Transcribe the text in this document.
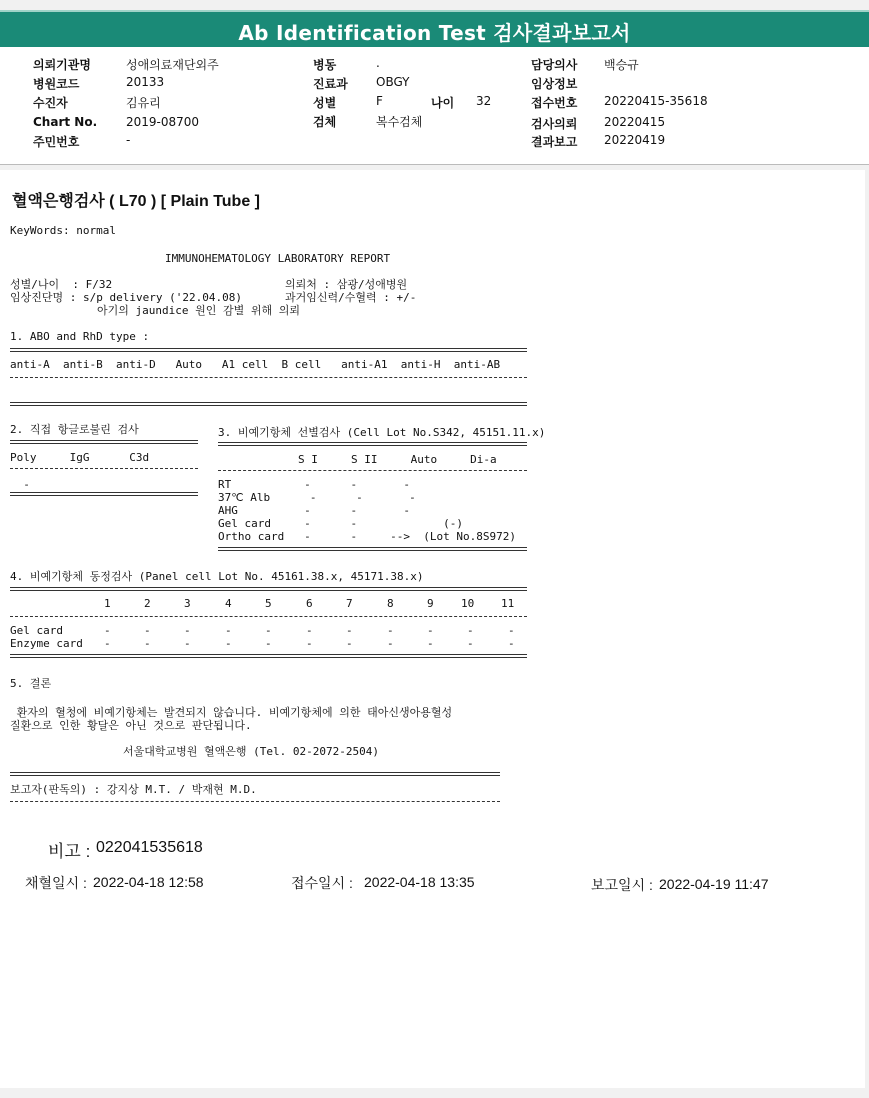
Ab Identification Test 검사결과보고서
의뢰기관명	성애의료재단외주
병원코드	20133
수진자	김유리
Chart No. 2019-08700
주민번호	-
병동	.
진료과 OBGY
성별	F	나이 32
검체	복수검체
담당의사 백승규
임상정보
접수번호 20220415-35618
검사의뢰 20220415
결과보고 20220419
혈액은행검사 ( L70 ) [ Plain Tube ]
KeyWords: normal
IMMUNOHEMATOLOGY LABORATORY REPORT
성별/나이  : F/32	의뢰처 : 삼광/성애병원
임상진단명 : s/p delivery ('22.04.08)	과거임신력/수혈력 : +/-
아기의 jaundice 원인 감별 위해 의뢰
1. ABO and RhD type :
anti-A  anti-B  anti-D   Auto   A1 cell  B cell   anti-A1  anti-H  anti-AB
2. 직접 항글로불린 검사
Poly     IgG      C3d
-
3. 비예기항체 선별검사 (Cell Lot No.S342, 45151.11.x)
S I     S II     Auto     Di-a
RT           -      -       -
37℃ Alb      -      -       -
AHG          -      -       -
Gel card     -      -             (-)
Ortho card   -      -     -->  (Lot No.8S972)
4. 비예기항체 동정검사 (Panel cell Lot No. 45161.38.x, 45171.38.x)
1	2	3	4	5	6	7	8	9 10 11
Gel card	-	-	-	-	-	-	-	-	-	-	-
Enzyme card -	-	-	-	-	-	-	-	-	-	-
5. 결론
환자의 혈청에 비예기항체는 발견되지 않습니다. 비예기항체에 의한 태아신생아용혈성
질환으로 인한 황달은 아닌 것으로 판단됩니다.
서울대학교병원 혈액은행 (Tel. 02-2072-2504)
보고자(판독의) : 강지상 M.T. / 박재현 M.D.
비고 : 022041535618
채혈일시 : 2022-04-18 12:58	접수일시 : 2022-04-18 13:35	보고일시 : 2022-04-19 11:47
